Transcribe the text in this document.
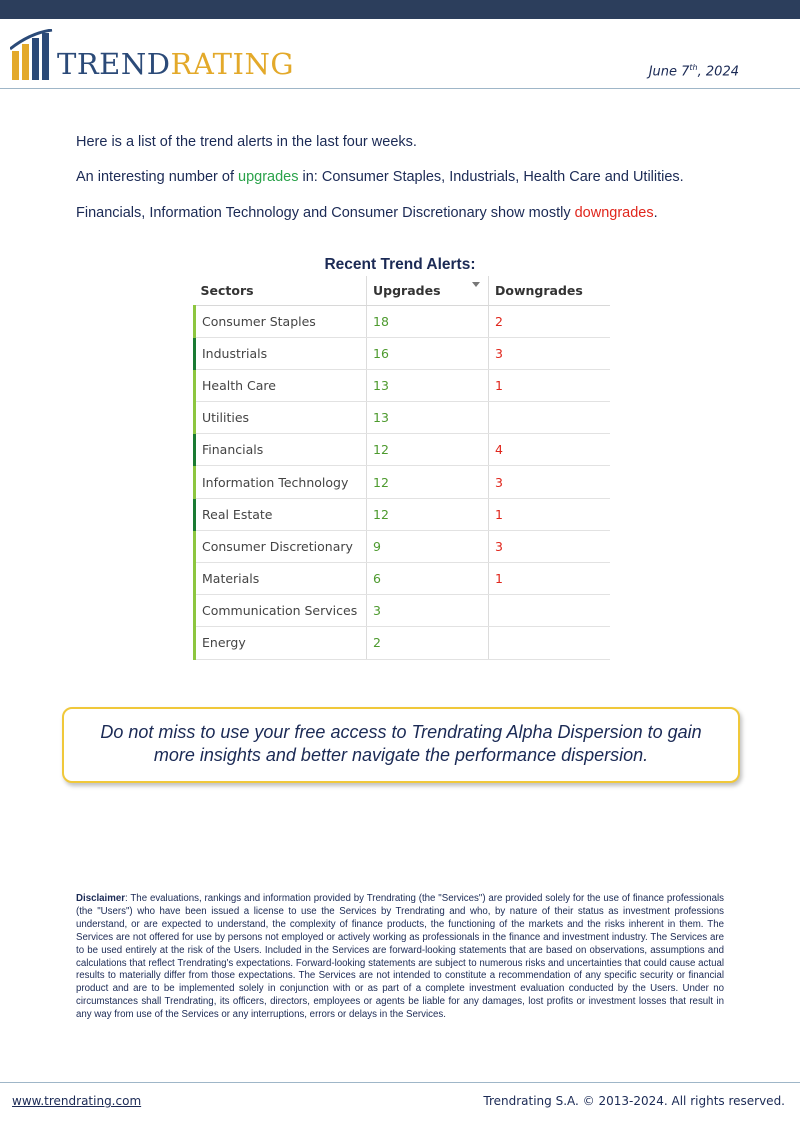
TRENDRATING	June 7th, 2024
Here is a list of the trend alerts in the last four weeks.
An interesting number of upgrades in: Consumer Staples, Industrials, Health Care and Utilities.
Financials, Information Technology and Consumer Discretionary show mostly downgrades.
Recent Trend Alerts:
Sectors	Upgrades	Downgrades
Consumer Staples	18	2
Industrials	16	3
Health Care	13	1
Utilities	13	
Financials	12	4
Information Technology	12	3
Real Estate	12	1
Consumer Discretionary	9	3
Materials	6	1
Communication Services	3	
Energy	2	

Do not miss to use your free access to Trendrating Alpha Dispersion to gain
more insights and better navigate the performance dispersion.

Disclaimer: The evaluations, rankings and information provided by Trendrating (the "Services") are provided solely for the use of finance professionals (the "Users") who have been issued a license to use the Services by Trendrating and who, by nature of their status as investment professions understand, or are expected to understand, the complexity of finance products, the functioning of the markets and the risks inherent in them. The Services are not offered for use by persons not employed or actively working as professionals in the finance and investment industry. The Services are to be used entirely at the risk of the Users. Included in the Services are forward-looking statements that are based on observations, assumptions and calculations that reflect Trendrating's expectations. Forward-looking statements are subject to numerous risks and uncertainties that could cause actual results to materially differ from those expectations. The Services are not intended to constitute a recommendation of any specific security or financial product and are to be implemented solely in conjunction with or as part of a complete investment evaluation conducted by the Users. Under no circumstances shall Trendrating, its officers, directors, employees or agents be liable for any damages, lost profits or investment losses that result in any way from use of the Services or any interruptions, errors or delays in the Services.
www.trendrating.com	Trendrating S.A. © 2013-2024. All rights reserved.
